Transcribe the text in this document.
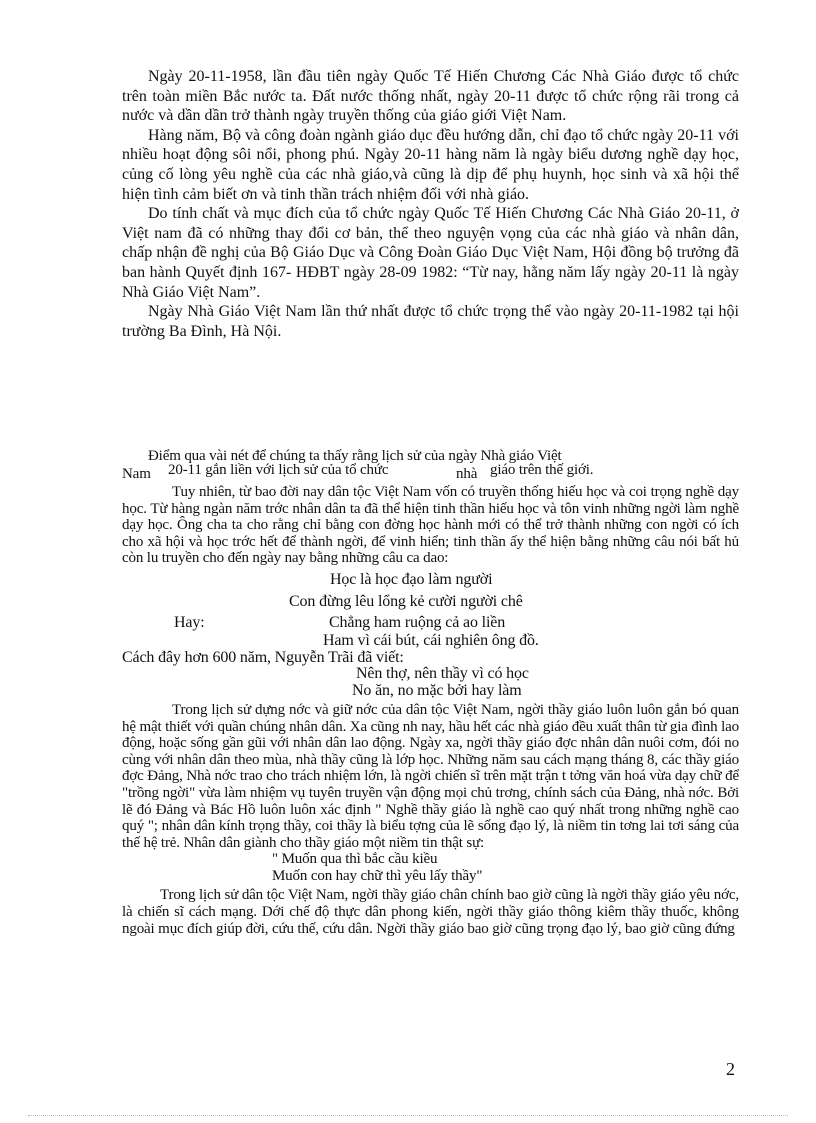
Ngày 20-11-1958, lần đầu tiên ngày Quốc Tế Hiến Chương Các Nhà Giáo được tổ chức trên toàn miền Bắc nước ta. Đất nước thống nhất, ngày 20-11 được tổ chức rộng rãi trong cả nước và dần dần trở thành ngày truyền thống của giáo giới Việt Nam.

Hàng năm, Bộ và công đoàn ngành giáo dục đều hướng dẫn, chỉ đạo tổ chức ngày 20-11 với nhiều hoạt động sôi nổi, phong phú. Ngày 20-11 hàng năm là ngày biểu dương nghề dạy học, củng cố lòng yêu nghề của các nhà giáo,và cũng là dịp để phụ huynh, học sinh và xã hội thể hiện tình cảm biết ơn và tinh thần trách nhiệm đối với nhà giáo.

Do tính chất và mục đích của tổ chức ngày Quốc Tế Hiến Chương Các Nhà Giáo 20-11, ở Việt nam đã có những thay đổi cơ bản, thể theo nguyện vọng của các nhà giáo và nhân dân, chấp nhận đề nghị của Bộ Giáo Dục và Công Đoàn Giáo Dục Việt Nam, Hội đồng bộ trưởng đã ban hành Quyết định 167- HĐBT ngày 28-09 1982: “Từ nay, hằng năm lấy ngày 20-11 là ngày Nhà Giáo Việt Nam”.

Ngày Nhà Giáo Việt Nam lần thứ nhất được tổ chức trọng thể vào ngày 20-11-1982 tại hội trường Ba Đình, Hà Nội.

Điểm qua vài nét để chúng ta thấy rằng lịch sử của ngày Nhà giáo Việt
Nam 20-11 gắn liền với lịch sử của tổ chức	nhà giáo trên thế giới.

Tuy nhiên, từ bao đời nay dân tộc Việt Nam vốn có truyền thống hiếu học và coi trọng nghề dạy học. Từ hàng ngàn năm trớc nhân dân ta đã thể hiện tinh thần hiếu học và tôn vinh những ngời làm nghề dạy học. Ông cha ta cho rằng chỉ bằng con đờng học hành mới có thể trở thành những con ngời có ích cho xã hội và học trớc hết để thành ngời, để vinh hiển; tinh thần ấy thể hiện bằng những câu nói bất hủ còn lu truyền cho đến ngày nay bằng những câu ca dao:

Học là học đạo làm người
Con đừng lêu lổng kẻ cười người chê
Hay:	Chẳng ham ruộng cả ao liền
Ham vì cái bút, cái nghiên ông đồ.
Cách đây hơn 600 năm, Nguyễn Trãi đã viết:
Nên thợ, nên thầy vì có học
No ăn, no mặc bởi hay làm

Trong lịch sử dựng nớc và giữ nớc của dân tộc Việt Nam, ngời thầy giáo luôn luôn gắn bó quan hệ mật thiết với quần chúng nhân dân. Xa cũng nh nay, hầu hết các nhà giáo đều xuất thân từ gia đình lao động, hoặc sống gần gũi với nhân dân lao động. Ngày xa, ngời thầy giáo đợc nhân dân nuôi cơm, đói no cùng với nhân dân theo mùa, nhà thầy cũng là lớp học. Những năm sau cách mạng tháng 8, các thầy giáo đợc Đảng, Nhà nớc trao cho trách nhiệm lớn, là ngời chiến sĩ trên mặt trận t tởng văn hoá vừa dạy chữ để "trồng ngời" vừa làm nhiệm vụ tuyên truyền vận động mọi chủ trơng, chính sách của Đảng, nhà nớc. Bởi lẽ đó Đảng và Bác Hồ luôn luôn xác định " Nghề thầy giáo là nghề cao quý nhất trong những nghề cao quý "; nhân dân kính trọng thầy, coi thầy là biểu tợng của lẽ sống đạo lý, là niềm tin tơng lai tơi sáng của thế hệ trẻ. Nhân dân giành cho thầy giáo một niềm tin thật sự:

" Muốn qua thì bắc cầu kiều
Muốn con hay chữ thì yêu lấy thầy"

Trong lịch sử dân tộc Việt Nam, ngời thầy giáo chân chính bao giờ cũng là ngời thầy giáo yêu nớc, là chiến sĩ cách mạng. Dới chế độ thực dân phong kiến, ngời thầy giáo thông kiêm thầy thuốc, không ngoài mục đích giúp đời, cứu thế, cứu dân. Ngời thầy giáo bao giờ cũng trọng đạo lý, bao giờ cũng đứng

2
